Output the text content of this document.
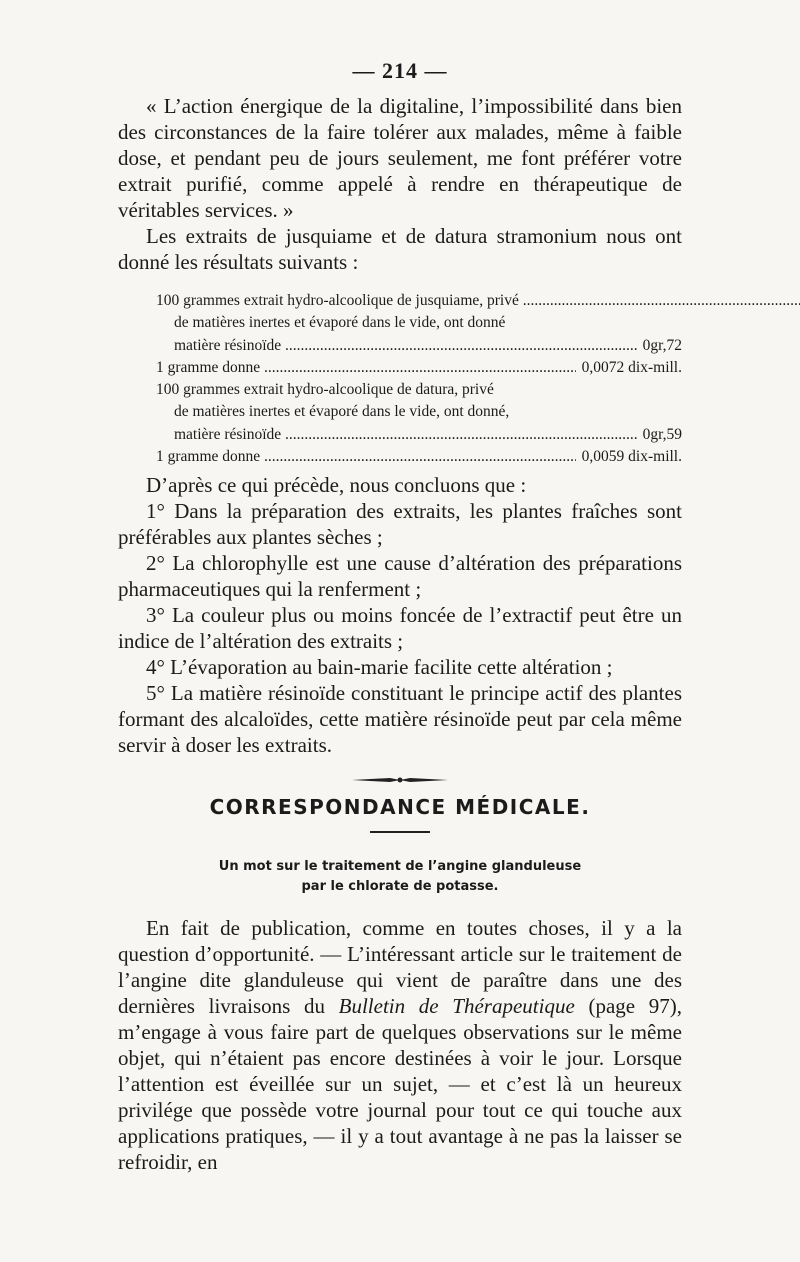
— 214 —

« L’action énergique de la digitaline, l’impossibilité dans bien des circonstances de la faire tolérer aux malades, même à faible dose, et pendant peu de jours seulement, me font préférer votre extrait purifié, comme appelé à rendre en thérapeutique de véritables services. »

Les extraits de jusquiame et de datura stramonium nous ont donné les résultats suivants :

100 grammes extrait hydro-alcoolique de jusquiame, privé .....
de matières inertes et évaporé dans le vide, ont donné
matière résinoïde .....	0gr,72
1 gramme donne .....	0,0072 dix-mill.
100 grammes extrait hydro-alcoolique de datura, privé
de matières inertes et évaporé dans le vide, ont donné,
matière résinoïde .....	0gr,59
1 gramme donne .....	0,0059 dix-mill.

D’après ce qui précède, nous concluons que :

1° Dans la préparation des extraits, les plantes fraîches sont préférables aux plantes sèches ;

2° La chlorophylle est une cause d’altération des préparations pharmaceutiques qui la renferment ;

3° La couleur plus ou moins foncée de l’extractif peut être un indice de l’altération des extraits ;

4° L’évaporation au bain-marie facilite cette altération ;

5° La matière résinoïde constituant le principe actif des plantes formant des alcaloïdes, cette matière résinoïde peut par cela même servir à doser les extraits.

CORRESPONDANCE MÉDICALE.
Un mot sur le traitement de l’angine glanduleuse
par le chlorate de potasse.

En fait de publication, comme en toutes choses, il y a la question d’opportunité. — L’intéressant article sur le traitement de l’angine dite glanduleuse qui vient de paraître dans une des dernières livraisons du Bulletin de Thérapeutique (page 97), m’engage à vous faire part de quelques observations sur le même objet, qui n’étaient pas encore destinées à voir le jour. Lorsque l’attention est éveillée sur un sujet, — et c’est là un heureux privilége que possède votre journal pour tout ce qui touche aux applications pratiques, — il y a tout avantage à ne pas la laisser se refroidir, en
